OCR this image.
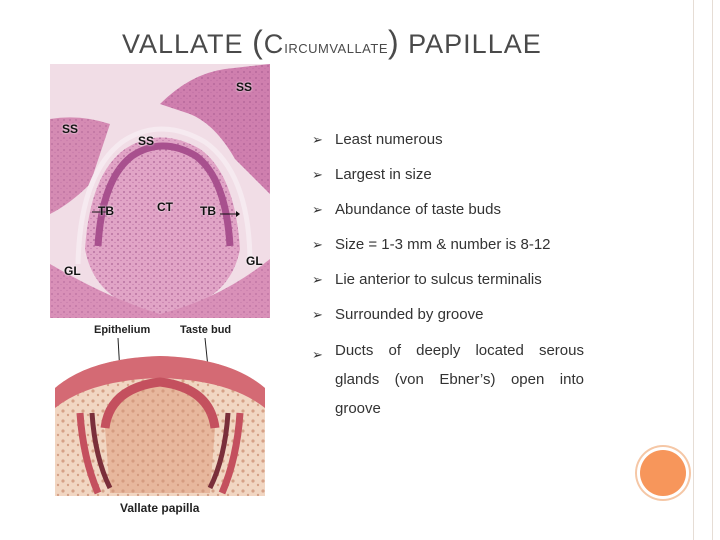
VALLATE (CIRCUMVALLATE) PAPILLAE
SS
SS
SS
CT
TB	TB
GL
GL
Epithelium	Taste bud
Vallate papilla
➢ Least numerous
➢ Largest in size
➢ Abundance of taste buds
➢ Size = 1-3 mm & number is 8-12
➢ Lie anterior to sulcus terminalis
➢ Surrounded by groove
➢ Ducts of deeply located serous glands (von Ebner’s) open into groove
